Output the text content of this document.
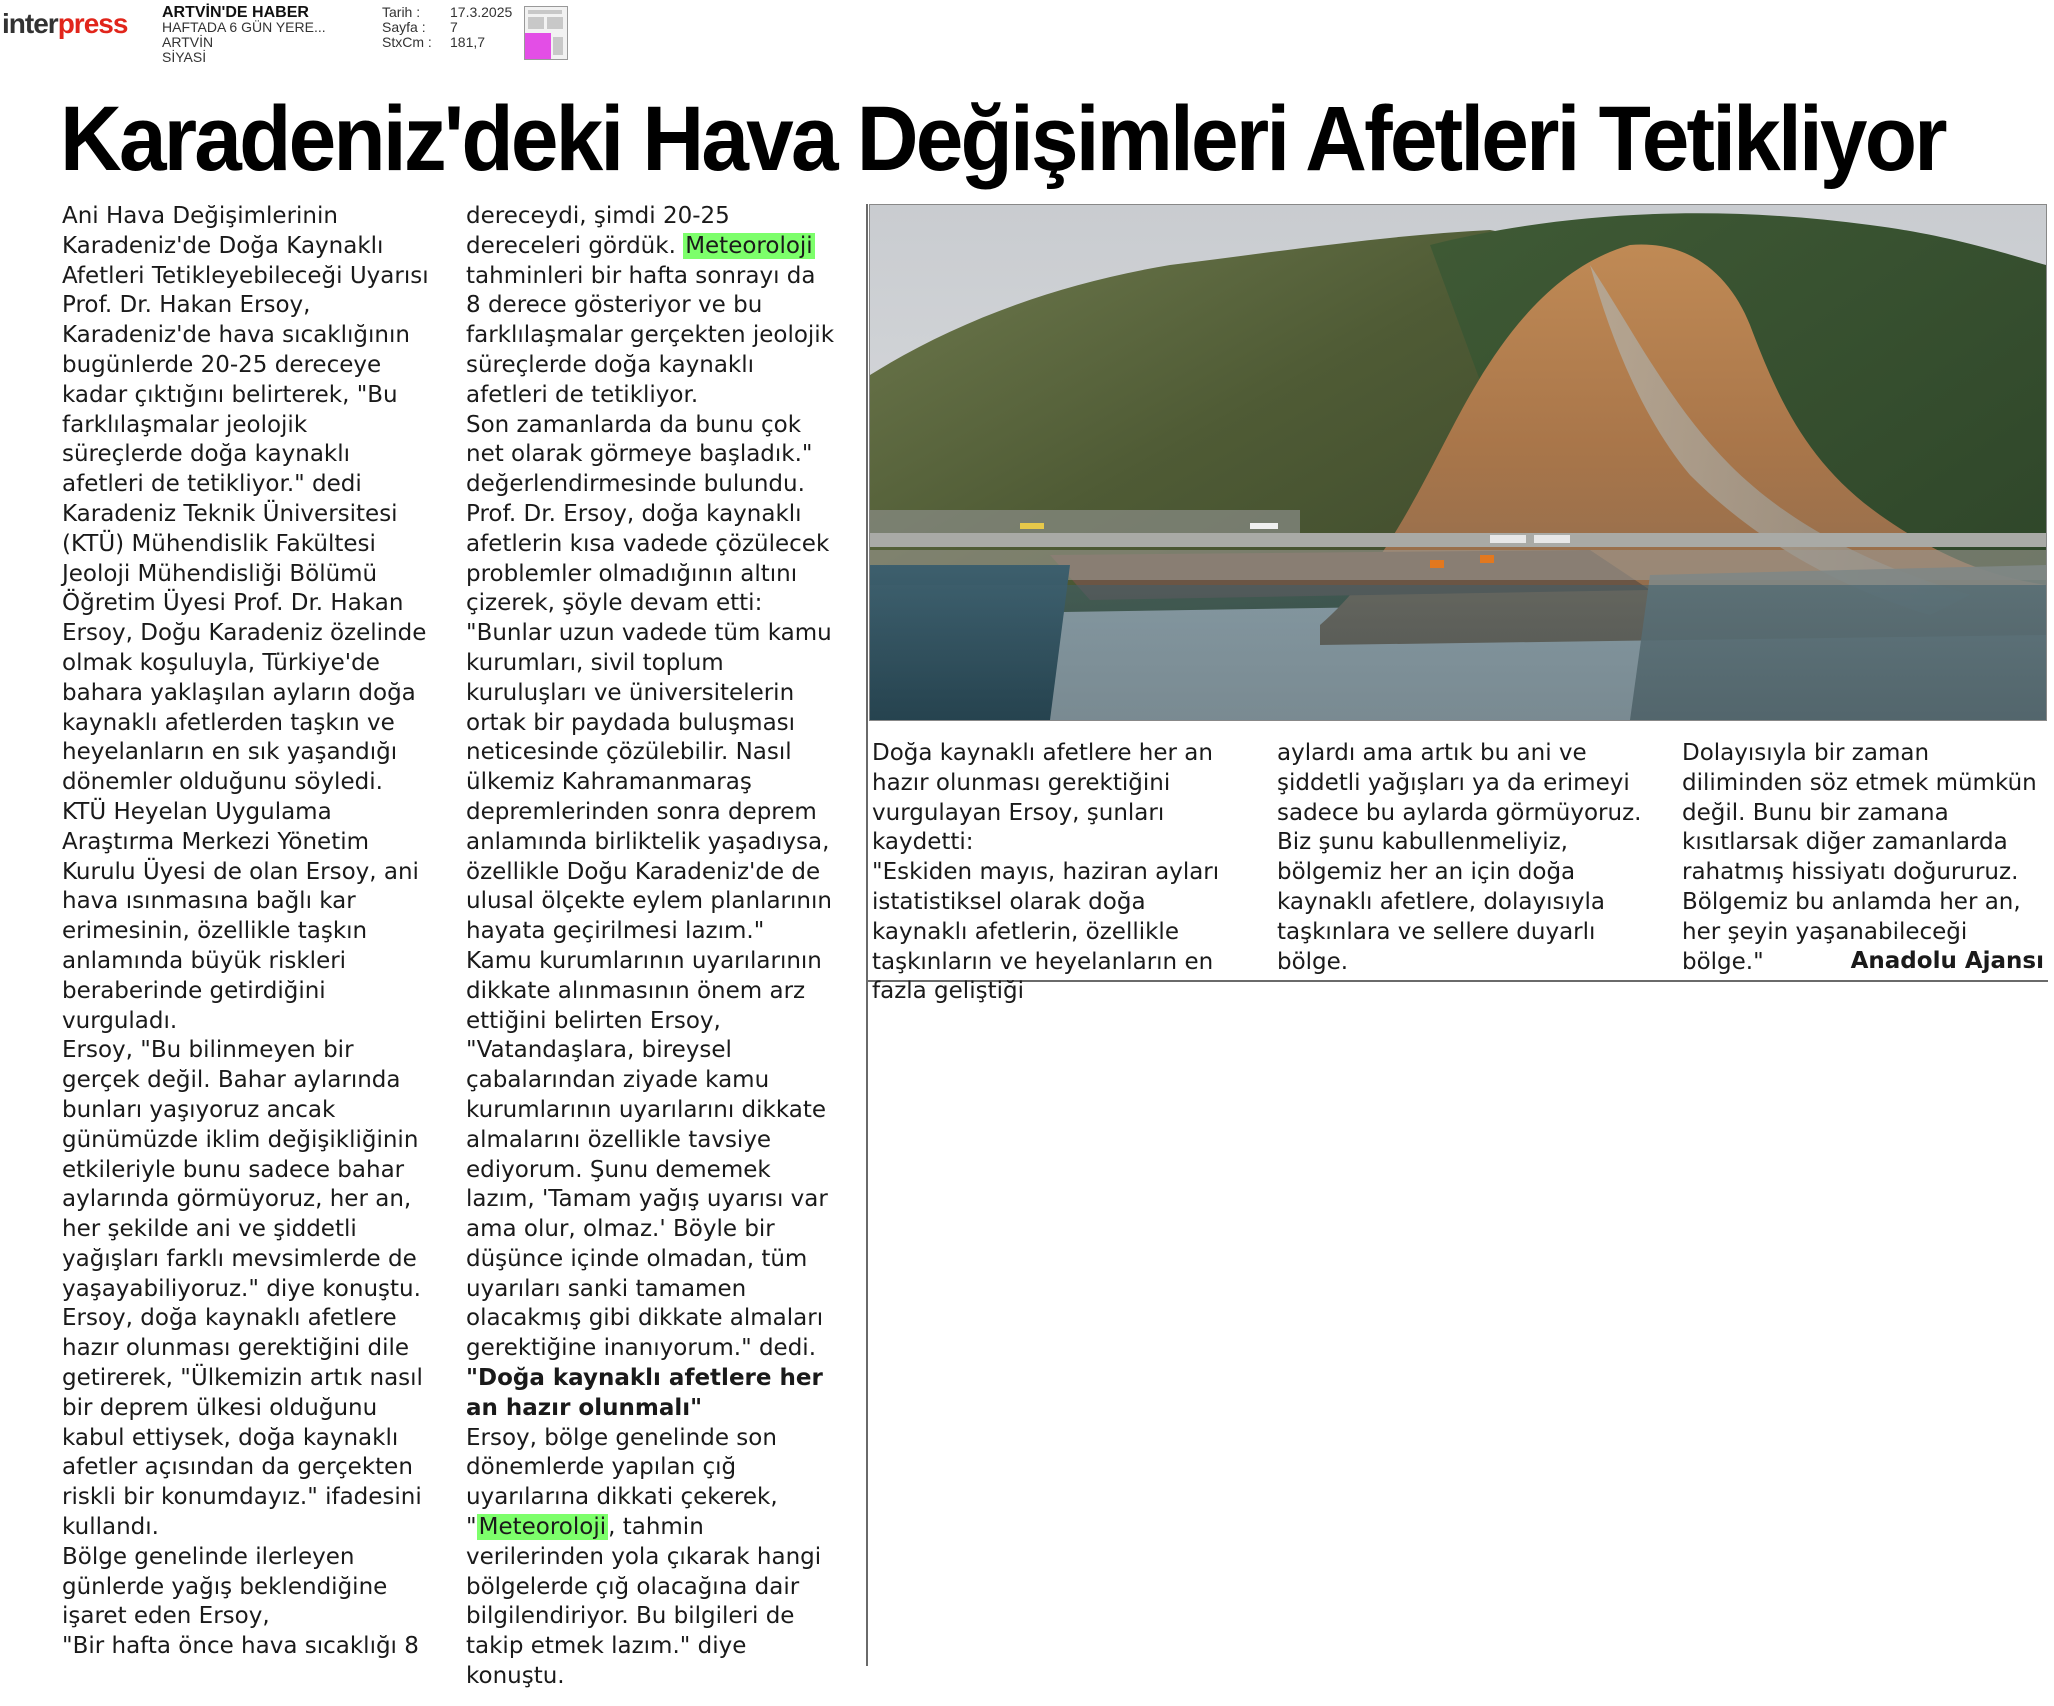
interpress ARTVİN'DE HABER
HAFTADA 6 GÜN YERE...
ARTVİN
SİYASİ
Tarih :	17.3.2025
Sayfa :	7
StxCm :	181,7
Karadeniz'deki Hava Değişimleri Afetleri Tetikliyor

Ani Hava Değişimlerinin Karadeniz'de Doğa Kaynaklı Afetleri Tetikleyebileceği Uyarısı Prof. Dr. Hakan Ersoy, Karadeniz'de hava sıcaklığının bugünlerde 20-25 dereceye kadar çıktığını belirterek, "Bu farklılaşmalar jeolojik süreçlerde doğa kaynaklı afetleri de tetikliyor." dedi

Karadeniz Teknik Üniversitesi (KTÜ) Mühendislik Fakültesi Jeoloji Mühendisliği Bölümü Öğretim Üyesi Prof. Dr. Hakan Ersoy, Doğu Karadeniz özelinde olmak koşuluyla, Türkiye'de bahara yaklaşılan ayların doğa kaynaklı afetlerden taşkın ve heyelanların en sık yaşandığı dönemler olduğunu söyledi.

KTÜ Heyelan Uygulama Araştırma Merkezi Yönetim Kurulu Üyesi de olan Ersoy, ani hava ısınmasına bağlı kar erimesinin, özellikle taşkın anlamında büyük riskleri beraberinde getirdiğini vurguladı.

Ersoy, "Bu bilinmeyen bir gerçek değil. Bahar aylarında bunları yaşıyoruz ancak günümüzde iklim değişikliğinin etkileriyle bunu sadece bahar aylarında görmüyoruz, her an, her şekilde ani ve şiddetli yağışları farklı mevsimlerde de yaşayabiliyoruz." diye konuştu.

Ersoy, doğa kaynaklı afetlere hazır olunması gerektiğini dile getirerek, "Ülkemizin artık nasıl bir deprem ülkesi olduğunu kabul ettiysek, doğa kaynaklı afetler açısından da gerçekten riskli bir konumdayız." ifadesini kullandı.

Bölge genelinde ilerleyen günlerde yağış beklendiğine işaret eden Ersoy,

"Bir hafta önce hava sıcaklığı 8

dereceydi, şimdi 20-25 dereceleri gördük. Meteoroloji tahminleri bir hafta sonrayı da 8 derece gösteriyor ve bu farklılaşmalar gerçekten jeolojik süreçlerde doğa kaynaklı afetleri de tetikliyor.

Son zamanlarda da bunu çok net olarak görmeye başladık." değerlendirmesinde bulundu.

Prof. Dr. Ersoy, doğa kaynaklı afetlerin kısa vadede çözülecek problemler olmadığının altını çizerek, şöyle devam etti:

"Bunlar uzun vadede tüm kamu kurumları, sivil toplum kuruluşları ve üniversitelerin ortak bir paydada buluşması neticesinde çözülebilir. Nasıl ülkemiz Kahramanmaraş depremlerinden sonra deprem anlamında birliktelik yaşadıysa, özellikle Doğu Karadeniz'de de ulusal ölçekte eylem planlarının hayata geçirilmesi lazım."

Kamu kurumlarının uyarılarının dikkate alınmasının önem arz ettiğini belirten Ersoy, "Vatandaşlara, bireysel çabalarından ziyade kamu kurumlarının uyarılarını dikkate almalarını özellikle tavsiye ediyorum. Şunu dememek lazım, 'Tamam yağış uyarısı var ama olur, olmaz.' Böyle bir düşünce içinde olmadan, tüm uyarıları sanki tamamen olacakmış gibi dikkate almaları gerektiğine inanıyorum." dedi.

"Doğa kaynaklı afetlere her an hazır olunmalı"

Ersoy, bölge genelinde son dönemlerde yapılan çığ uyarılarına dikkati çekerek,

"Meteoroloji, tahmin verilerinden yola çıkarak hangi bölgelerde çığ olacağına dair bilgilendiriyor. Bu bilgileri de takip etmek lazım." diye konuştu.

Doğa kaynaklı afetlere her an hazır olunması gerektiğini vurgulayan Ersoy, şunları kaydetti:

"Eskiden mayıs, haziran ayları istatistiksel olarak doğa kaynaklı afetlerin, özellikle taşkınların ve heyelanların en fazla geliştiği

aylardı ama artık bu ani ve şiddetli yağışları ya da erimeyi sadece bu aylarda görmüyoruz. Biz şunu kabullenmeliyiz, bölgemiz her an için doğa kaynaklı afetlere, dolayısıyla taşkınlara ve sellere duyarlı bölge.

Dolayısıyla bir zaman diliminden söz etmek mümkün değil. Bunu bir zamana kısıtlarsak diğer zamanlarda rahatmış hissiyatı doğururuz. Bölgemiz bu anlamda her an, her şeyin yaşanabileceği bölge."	Anadolu Ajansı
